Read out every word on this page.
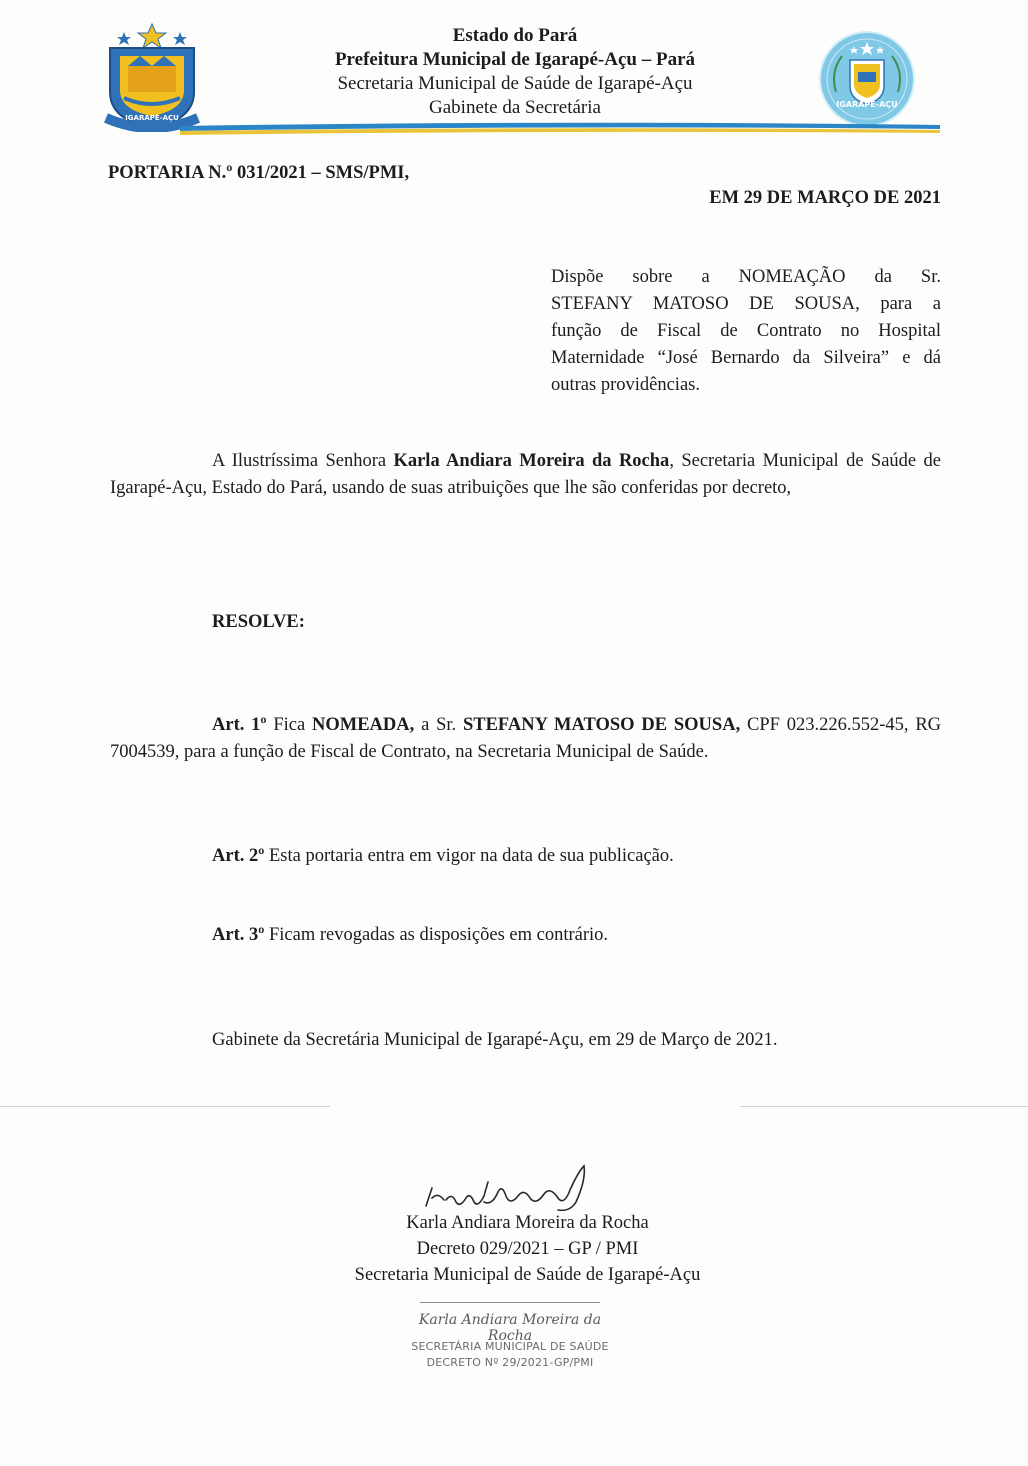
IGARAPÉ-AÇU
IGARAPÉ-AÇU
Estado do Pará
Prefeitura Municipal de Igarapé-Açu – Pará
Secretaria Municipal de Saúde de Igarapé-Açu
Gabinete da Secretária
PORTARIA N.º 031/2021 – SMS/PMI,
EM 29 DE MARÇO DE 2021
Dispõe sobre a NOMEAÇÃO da Sr.
STEFANY MATOSO DE SOUSA, para a
função de Fiscal de Contrato no Hospital
Maternidade “José Bernardo da Silveira” e dá
outras providências.
A Ilustríssima Senhora Karla Andiara Moreira da Rocha, Secretaria Municipal de Saúde de Igarapé-Açu, Estado do Pará, usando de suas atribuições que lhe são conferidas por decreto,
RESOLVE:
Art. 1º Fica NOMEADA, a Sr. STEFANY MATOSO DE SOUSA, CPF 023.226.552-45, RG 7004539, para a função de Fiscal de Contrato, na Secretaria Municipal de Saúde.
Art. 2º Esta portaria entra em vigor na data de sua publicação.
Art. 3º Ficam revogadas as disposições em contrário.
Gabinete da Secretária Municipal de Igarapé-Açu, em 29 de Março de 2021.
Karla Andiara Moreira da Rocha
Decreto 029/2021 – GP / PMI
Secretaria Municipal de Saúde de Igarapé-Açu
Karla Andiara Moreira da Rocha
SECRETÁRIA MUNICIPAL DE SAÚDE
DECRETO Nº 29/2021-GP/PMI
